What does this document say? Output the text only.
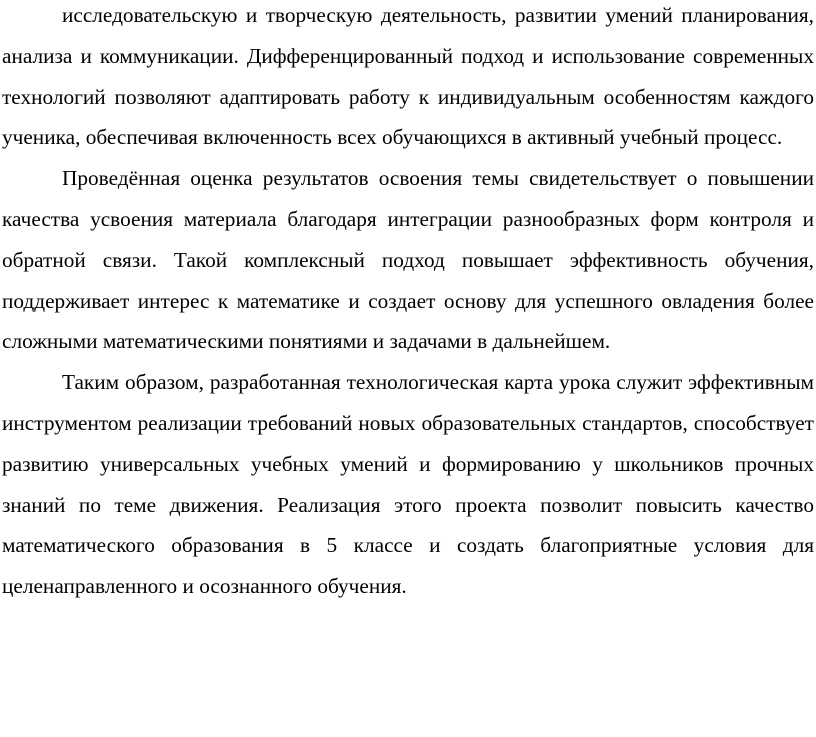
исследовательскую и творческую деятельность, развитии умений планирования, анализа и коммуникации. Дифференцированный подход и использование современных технологий позволяют адаптировать работу к индивидуальным особенностям каждого ученика, обеспечивая включенность всех обучающихся в активный учебный процесс.

Проведённая оценка результатов освоения темы свидетельствует о повышении качества усвоения материала благодаря интеграции разнообразных форм контроля и обратной связи. Такой комплексный подход повышает эффективность обучения, поддерживает интерес к математике и создает основу для успешного овладения более сложными математическими понятиями и задачами в дальнейшем.

Таким образом, разработанная технологическая карта урока служит эффективным инструментом реализации требований новых образовательных стандартов, способствует развитию универсальных учебных умений и формированию у школьников прочных знаний по теме движения. Реализация этого проекта позволит повысить качество математического образования в 5 классе и создать благоприятные условия для целенаправленного и осознанного обучения.
